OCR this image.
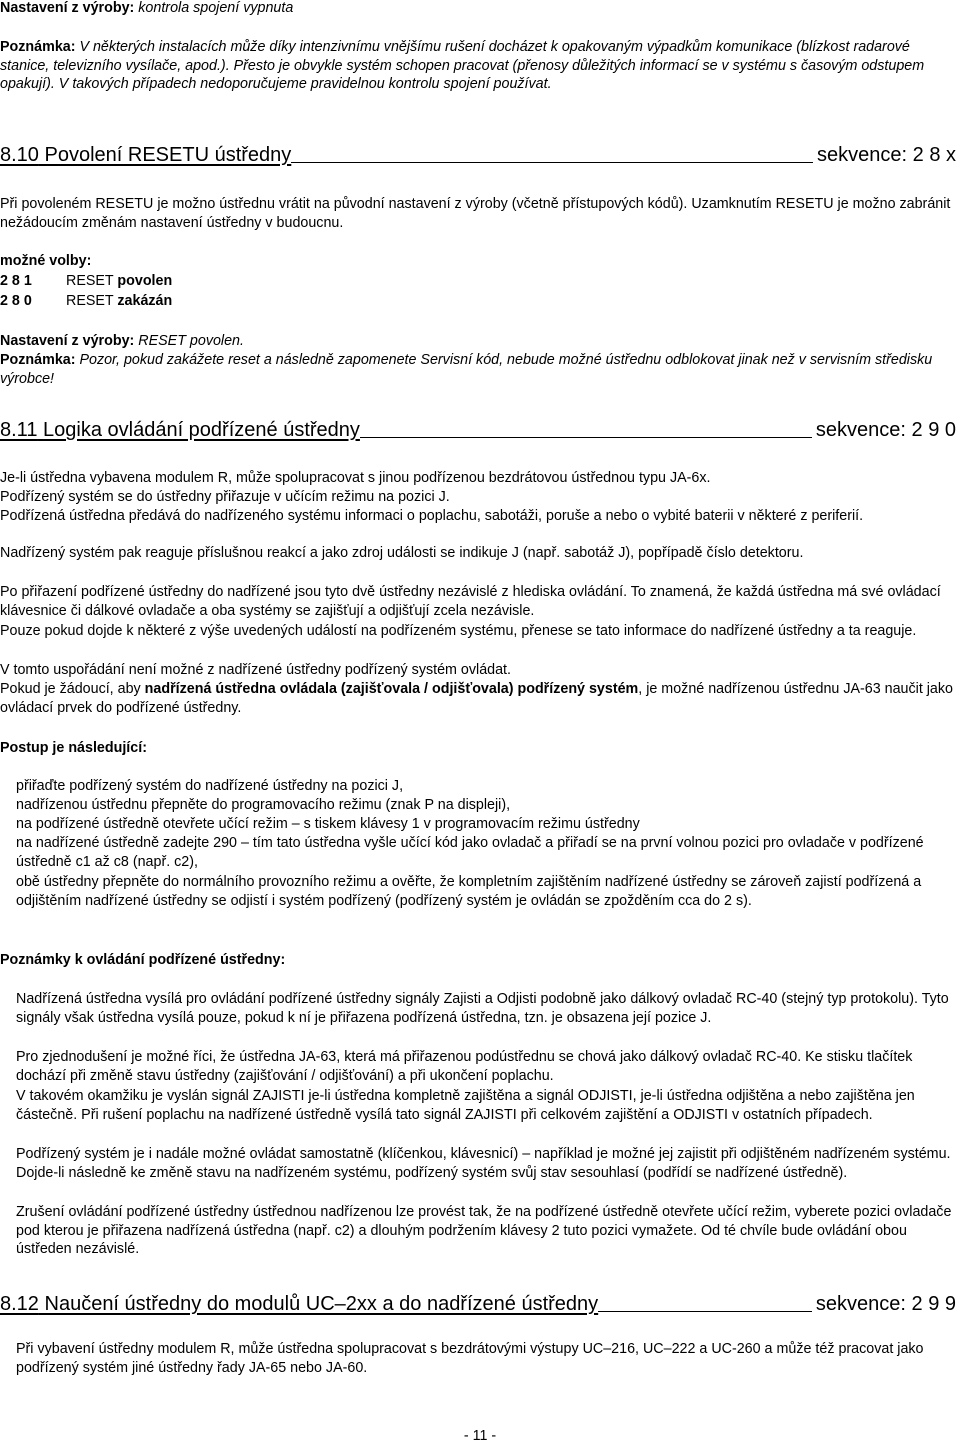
Nastavení z výroby: kontrola spojení vypnuta

Poznámka: V některých instalacích může díky intenzivnímu vnějšímu rušení docházet k opakovaným výpadkům komunikace (blízkost radarové stanice, televizního vysílače, apod.). Přesto je obvykle systém schopen pracovat (přenosy důležitých informací se v systému s časovým odstupem opakují). V takových případech nedoporučujeme pravidelnou kontrolu spojení používat.

8.10 Povolení RESETU ústředny	sekvence: 2 8 x

Při povoleném RESETU je možno ústřednu vrátit na původní nastavení z výroby (včetně přístupových kódů). Uzamknutím RESETU je možno zabránit nežádoucím změnám nastavení ústředny v budoucnu.

možné volby:

2 8 1 RESET povolen
2 8 0 RESET zakázán

Nastavení z výroby: RESET povolen.

Poznámka: Pozor, pokud zakážete reset a následně zapomenete Servisní kód, nebude možné ústřednu odblokovat jinak než v servisním středisku výrobce!

8.11 Logika ovládání podřízené ústředny	sekvence: 2 9 0

Je-li ústředna vybavena modulem R, může spolupracovat s jinou podřízenou bezdrátovou ústřednou typu JA-6x.

Podřízený systém se do ústředny přiřazuje v učícím režimu na pozici J.

Podřízená ústředna předává do nadřízeného systému informaci o poplachu, sabotáži, poruše a nebo o vybité baterii v některé z periferií.

Nadřízený systém pak reaguje příslušnou reakcí a jako zdroj události se indikuje J (např. sabotáž J), popřípadě číslo detektoru.

Po přiřazení podřízené ústředny do nadřízené jsou tyto dvě ústředny nezávislé z hlediska ovládání. To znamená, že každá ústředna má své ovládací klávesnice či dálkové ovladače a oba systémy se zajišťují a odjišťují zcela nezávisle.

Pouze pokud dojde k některé z výše uvedených událostí na podřízeném systému, přenese se tato informace do nadřízené ústředny a ta reaguje.

V tomto uspořádání není možné z nadřízené ústředny podřízený systém ovládat.

Pokud je žádoucí, aby nadřízená ústředna ovládala (zajišťovala / odjišťovala) podřízený systém, je možné nadřízenou ústřednu JA-63 naučit jako ovládací prvek do podřízené ústředny.

Postup je následující:

přiřaďte podřízený systém do nadřízené ústředny na pozici J,

nadřízenou ústřednu přepněte do programovacího režimu (znak P na displeji),

na podřízené ústředně otevřete učící režim – s tiskem klávesy 1 v programovacím režimu ústředny

na nadřízené ústředně zadejte 290 – tím tato ústředna vyšle učící kód jako ovladač a přiřadí se na první volnou pozici pro ovladače v podřízené ústředně c1 až c8 (např. c2),

obě ústředny přepněte do normálního provozního režimu a ověřte, že kompletním zajištěním nadřízené ústředny se zároveň zajistí podřízená a odjištěním nadřízené ústředny se odjistí i systém podřízený (podřízený systém je ovládán se zpožděním cca do 2 s).

Poznámky k ovládání podřízené ústředny:

Nadřízená ústředna vysílá pro ovládání podřízené ústředny signály Zajisti a Odjisti podobně jako dálkový ovladač RC-40 (stejný typ protokolu). Tyto signály však ústředna vysílá pouze, pokud k ní je přiřazena podřízená ústředna, tzn. je obsazena její pozice J.

Pro zjednodušení je možné říci, že ústředna JA-63, která má přiřazenou podústřednu se chová jako dálkový ovladač RC-40. Ke stisku tlačítek dochází při změně stavu ústředny (zajišťování / odjišťování) a při ukončení poplachu.

V takovém okamžiku je vyslán signál ZAJISTI je-li ústředna kompletně zajištěna a signál ODJISTI, je-li ústředna odjištěna a nebo zajištěna jen částečně. Při rušení poplachu na nadřízené ústředně vysílá tato signál ZAJISTI při celkovém zajištění a ODJISTI v ostatních případech.

Podřízený systém je i nadále možné ovládat samostatně (klíčenkou, klávesnicí) – například je možné jej zajistit při odjištěném nadřízeném systému. Dojde-li následně ke změně stavu na nadřízeném systému, podřízený systém svůj stav sesouhlasí (podřídí se nadřízené ústředně).

Zrušení ovládání podřízené ústředny ústřednou nadřízenou lze provést tak, že na podřízené ústředně otevřete učící režim, vyberete pozici ovladače pod kterou je přiřazena nadřízená ústředna (např. c2) a dlouhým podržením klávesy 2 tuto pozici vymažete. Od té chvíle bude ovládání obou ústředen nezávislé.

8.12 Naučení ústředny do modulů UC–2xx a do nadřízené ústředny	sekvence: 2 9 9

Při vybavení ústředny modulem R, může ústředna spolupracovat s bezdrátovými výstupy UC–216, UC–222 a UC-260 a může též pracovat jako podřízený systém jiné ústředny řady JA-65 nebo JA-60.

- 11 -
